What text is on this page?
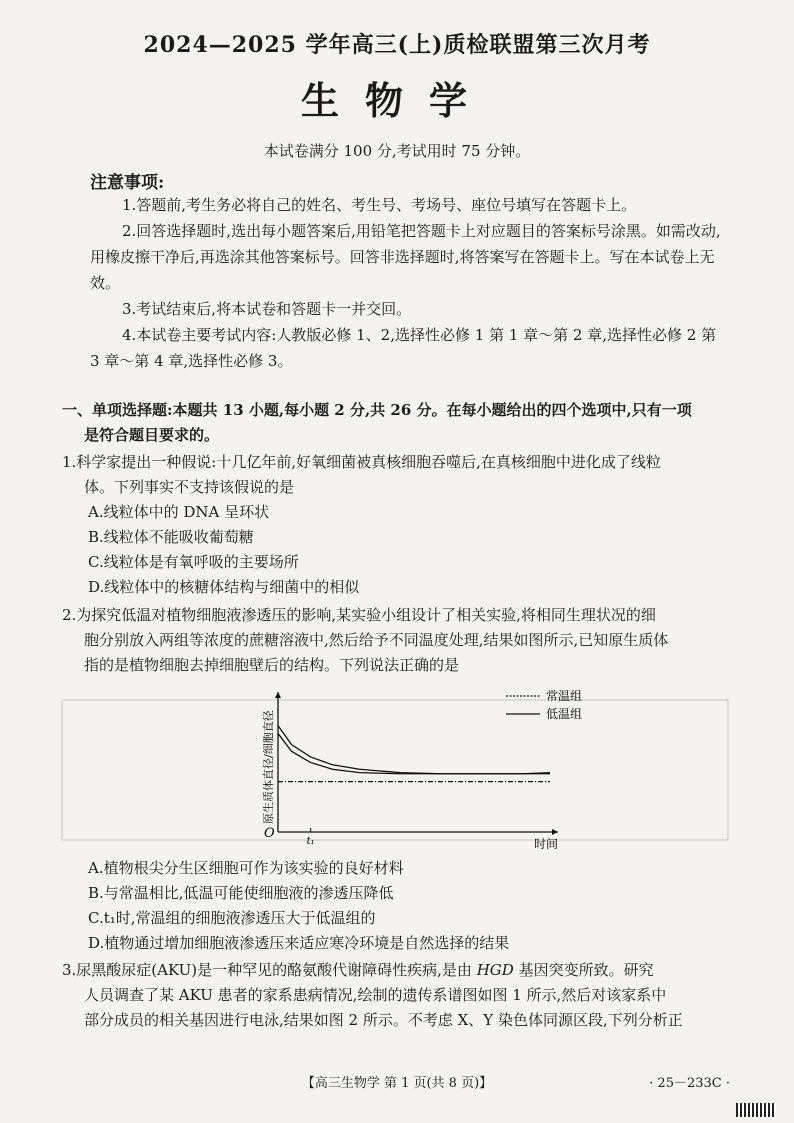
2024—2025 学年高三(上)质检联盟第三次月考
生物学
本试卷满分 100 分,考试用时 75 分钟。
注意事项:

1.答题前,考生务必将自己的姓名、考生号、考场号、座位号填写在答题卡上。

2.回答选择题时,选出每小题答案后,用铅笔把答题卡上对应题目的答案标号涂黑。如需改动,用橡皮擦干净后,再选涂其他答案标号。回答非选择题时,将答案写在答题卡上。写在本试卷上无效。

3.考试结束后,将本试卷和答题卡一并交回。

4.本试卷主要考试内容:人教版必修 1、2,选择性必修 1 第 1 章～第 2 章,选择性必修 2 第 3 章～第 4 章,选择性必修 3。

一、单项选择题:本题共 13 小题,每小题 2 分,共 26 分。在每小题给出的四个选项中,只有一项
是符合题目要求的。

1.科学家提出一种假说:十几亿年前,好氧细菌被真核细胞吞噬后,在真核细胞中进化成了线粒

体。下列事实不支持该假说的是

A.线粒体中的 DNA 呈环状

B.线粒体不能吸收葡萄糖

C.线粒体是有氧呼吸的主要场所

D.线粒体中的核糖体结构与细菌中的相似

2.为探究低温对植物细胞液渗透压的影响,某实验小组设计了相关实验,将相同生理状况的细

胞分别放入两组等浓度的蔗糖溶液中,然后给予不同温度处理,结果如图所示,已知原生质体

指的是植物细胞去掉细胞壁后的结构。下列说法正确的是

O
t₁	时间
原生质体直径/细胞直径
常温组
低温组

A.植物根尖分生区细胞可作为该实验的良好材料

B.与常温相比,低温可能使细胞液的渗透压降低

C.t₁时,常温组的细胞液渗透压大于低温组的

D.植物通过增加细胞液渗透压来适应寒冷环境是自然选择的结果

3.尿黑酸尿症(AKU)是一种罕见的酪氨酸代谢障碍性疾病,是由 HGD 基因突变所致。研究

人员调查了某 AKU 患者的家系患病情况,绘制的遗传系谱图如图 1 所示,然后对该家系中

部分成员的相关基因进行电泳,结果如图 2 所示。不考虑 X、Y 染色体同源区段,下列分析正

【高三生物学 第 1 页(共 8 页)】	· 25－233C ·
